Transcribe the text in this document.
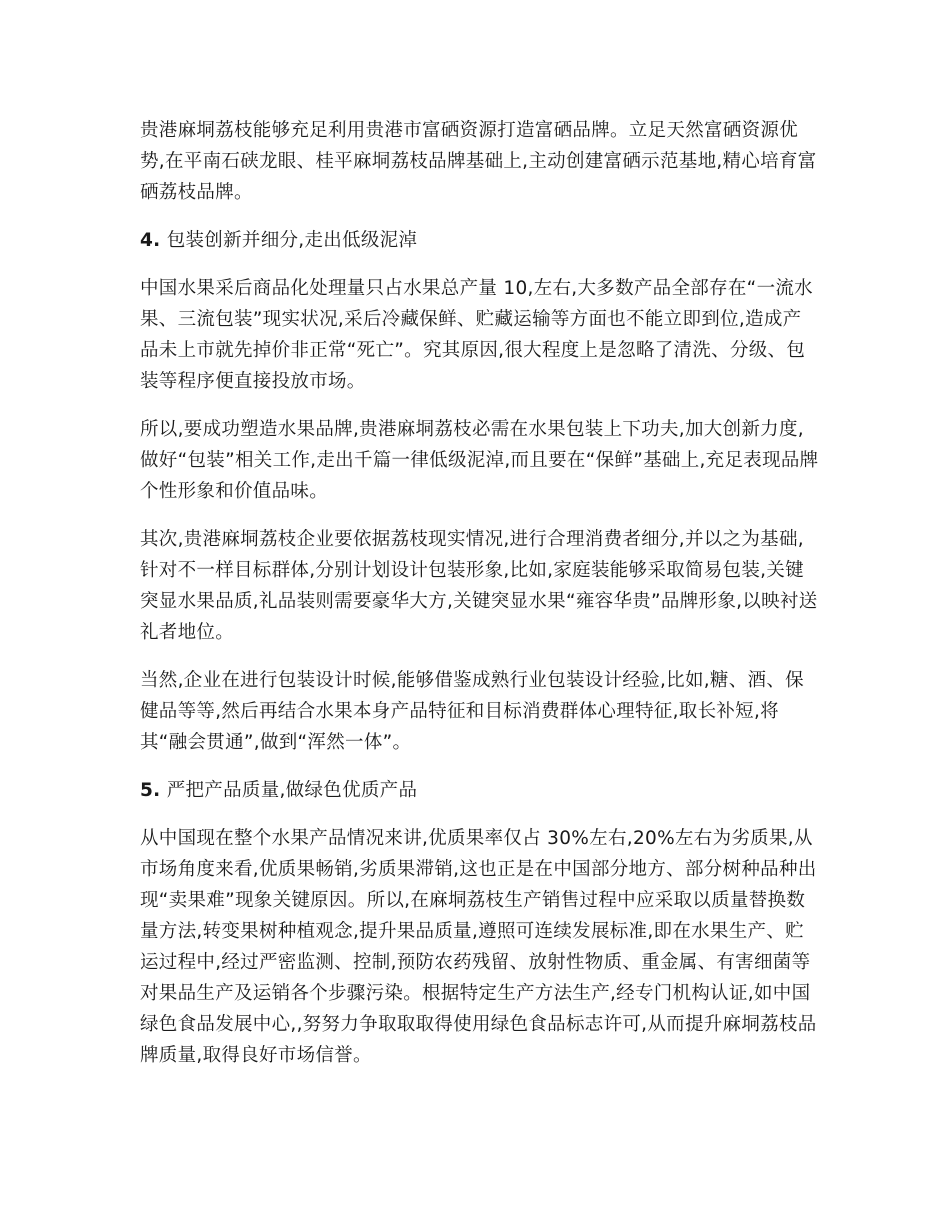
贵港麻垌荔枝能够充足利用贵港市富硒资源打造富硒品牌。立足天然富硒资源优势,在平南石硖龙眼、桂平麻垌荔枝品牌基础上,主动创建富硒示范基地,精心培育富硒荔枝品牌。

4. 包装创新并细分,走出低级泥淖

中国水果采后商品化处理量只占水果总产量 10,左右,大多数产品全部存在“一流水果、三流包装”现实状况,采后冷藏保鲜、贮藏运输等方面也不能立即到位,造成产品未上市就先掉价非正常“死亡”。究其原因,很大程度上是忽略了清洗、分级、包装等程序便直接投放市场。

所以,要成功塑造水果品牌,贵港麻垌荔枝必需在水果包装上下功夫,加大创新力度,做好“包装”相关工作,走出千篇一律低级泥淖,而且要在“保鲜”基础上,充足表现品牌个性形象和价值品味。

其次,贵港麻垌荔枝企业要依据荔枝现实情况,进行合理消费者细分,并以之为基础,针对不一样目标群体,分别计划设计包装形象,比如,家庭装能够采取简易包装,关键突显水果品质,礼品装则需要豪华大方,关键突显水果“雍容华贵”品牌形象,以映衬送礼者地位。

当然,企业在进行包装设计时候,能够借鉴成熟行业包装设计经验,比如,糖、酒、保健品等等,然后再结合水果本身产品特征和目标消费群体心理特征,取长补短,将其“融会贯通”,做到“浑然一体”。

5. 严把产品质量,做绿色优质产品

从中国现在整个水果产品情况来讲,优质果率仅占 30%左右,20%左右为劣质果,从市场角度来看,优质果畅销,劣质果滞销,这也正是在中国部分地方、部分树种品种出现“卖果难”现象关键原因。所以,在麻垌荔枝生产销售过程中应采取以质量替换数量方法,转变果树种植观念,提升果品质量,遵照可连续发展标准,即在水果生产、贮运过程中,经过严密监测、控制,预防农药残留、放射性物质、重金属、有害细菌等对果品生产及运销各个步骤污染。根据特定生产方法生产,经专门机构认证,如中国绿色食品发展中心,,努努力争取取取得使用绿色食品标志许可,从而提升麻垌荔枝品牌质量,取得良好市场信誉。
